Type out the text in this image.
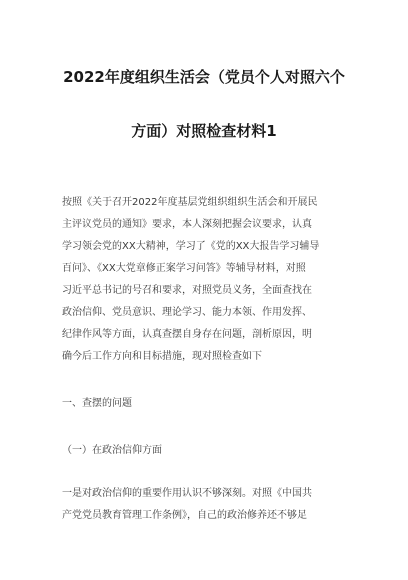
2022年度组织生活会（党员个人对照六个
方面）对照检查材料1
按照《关于召开2022年度基层党组织组织生活会和开展民
主评议党员的通知》要求，本人深刻把握会议要求，认真
学习领会党的XX大精神，学习了《党的XX大报告学习辅导
百问》、《XX大党章修正案学习问答》等辅导材料，对照
习近平总书记的号召和要求，对照党员义务，全面查找在
政治信仰、党员意识、理论学习、能力本领、作用发挥、
纪律作风等方面，认真查摆自身存在问题，剖析原因，明
确今后工作方向和目标措施，现对照检查如下
一、查摆的问题
（一）在政治信仰方面
一是对政治信仰的重要作用认识不够深刻。对照《中国共
产党党员教育管理工作条例》，自己的政治修养还不够足
